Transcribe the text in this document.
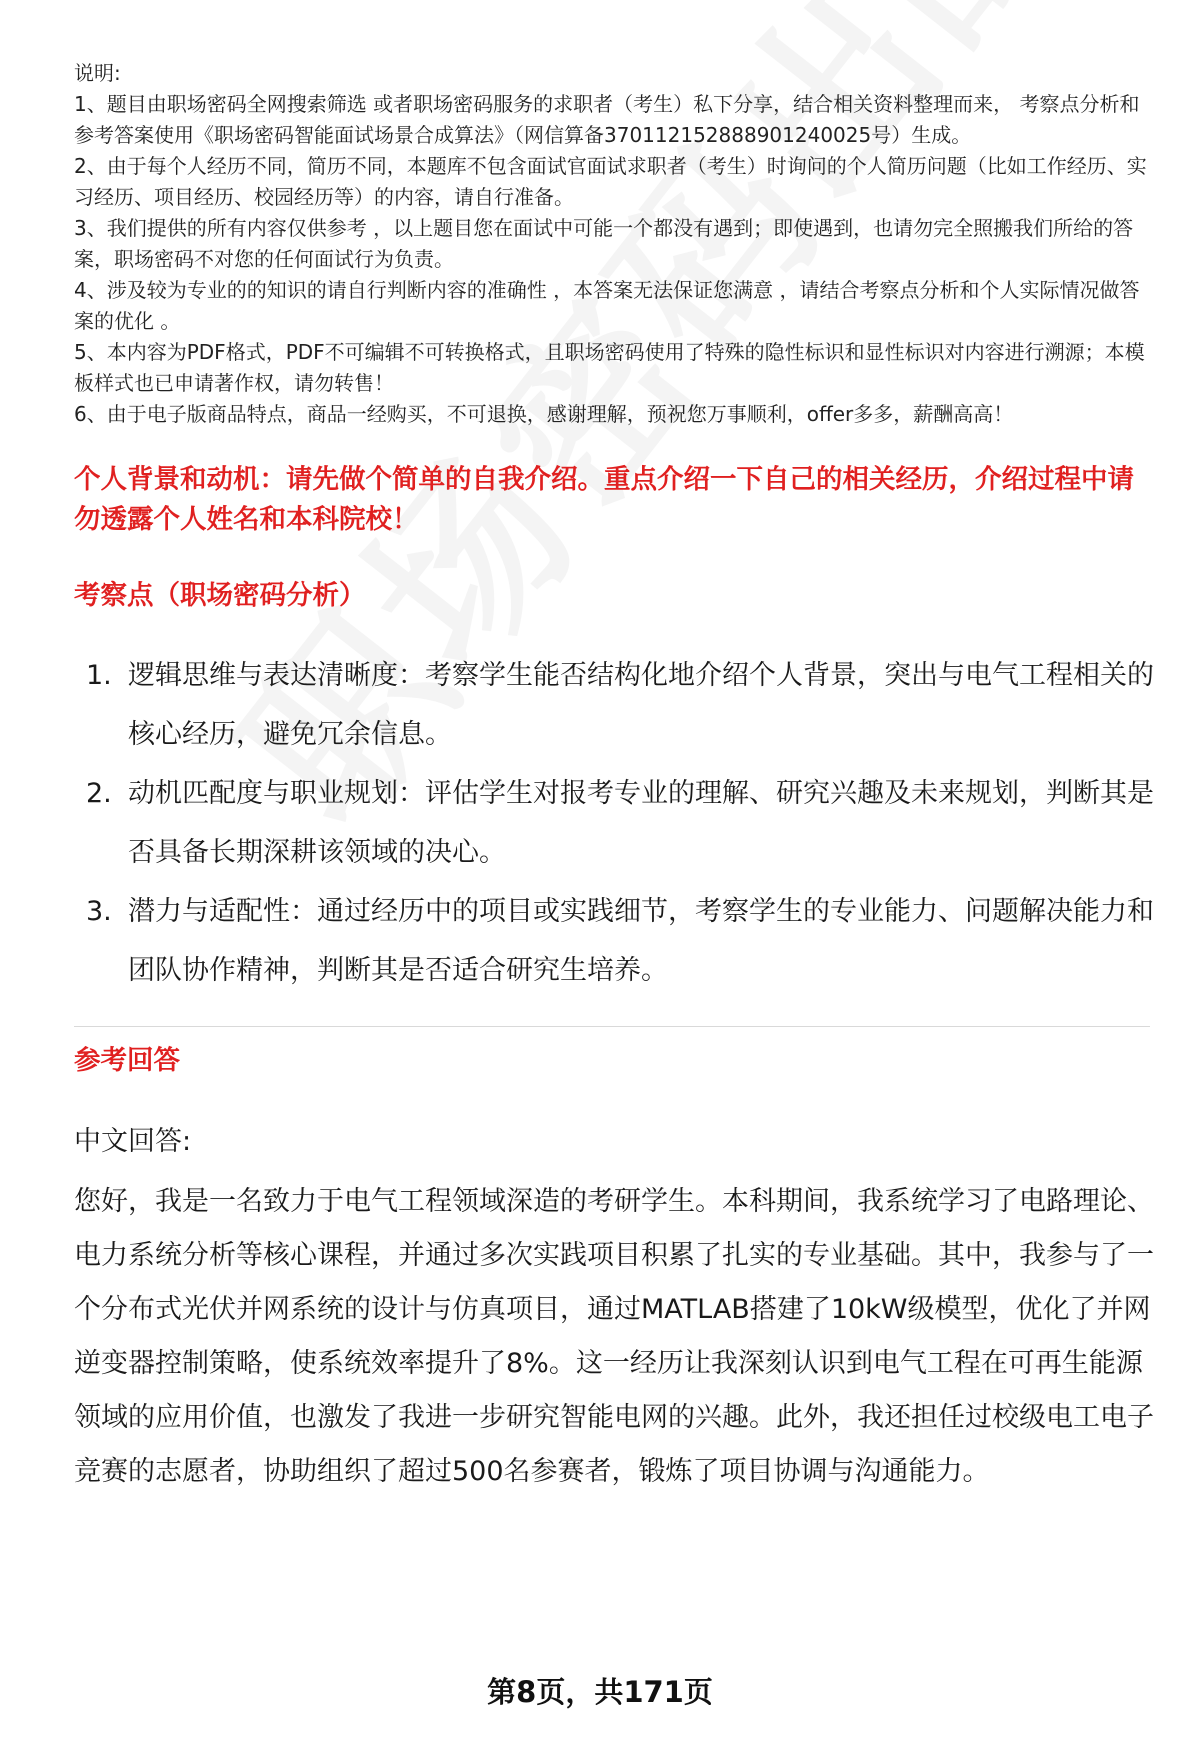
说明:

1、题目由职场密码全网搜索筛选 或者职场密码服务的求职者（考生）私下分享，结合相关资料整理而来， 考察点分析和参考答案使用《职场密码智能面试场景合成算法》（网信算备370112152888901240025号）生成。

2、由于每个人经历不同，简历不同，本题库不包含面试官面试求职者（考生）时询问的个人简历问题（比如工作经历、实习经历、项目经历、校园经历等）的内容，请自行准备。

3、我们提供的所有内容仅供参考 ，以上题目您在面试中可能一个都没有遇到；即使遇到，也请勿完全照搬我们所给的答案，职场密码不对您的任何面试行为负责。

4、涉及较为专业的的知识的请自行判断内容的准确性 ，本答案无法保证您满意 ，请结合考察点分析和个人实际情况做答案的优化 。

5、本内容为PDF格式，PDF不可编辑不可转换格式，且职场密码使用了特殊的隐性标识和显性标识对内容进行溯源；本模板样式也已申请著作权，请勿转售！

6、由于电子版商品特点，商品一经购买，不可退换，感谢理解，预祝您万事顺利，offer多多，薪酬高高！

个人背景和动机：请先做个简单的自我介绍。重点介绍一下自己的相关经历，介绍过程中请勿透露个人姓名和本科院校！

考察点（职场密码分析）

1. 逻辑思维与表达清晰度：考察学生能否结构化地介绍个人背景，突出与电气工程相关的核心经历，避免冗余信息。
2. 动机匹配度与职业规划：评估学生对报考专业的理解、研究兴趣及未来规划，判断其是否具备长期深耕该领域的决心。
3. 潜力与适配性：通过经历中的项目或实践细节，考察学生的专业能力、问题解决能力和团队协作精神，判断其是否适合研究生培养。

参考回答

中文回答:

您好，我是一名致力于电气工程领域深造的考研学生。本科期间，我系统学习了电路理论、电力系统分析等核心课程，并通过多次实践项目积累了扎实的专业基础。其中，我参与了一个分布式光伏并网系统的设计与仿真项目，通过MATLAB搭建了10kW级模型，优化了并网逆变器控制策略，使系统效率提升了8%。这一经历让我深刻认识到电气工程在可再生能源领域的应用价值，也激发了我进一步研究智能电网的兴趣。此外，我还担任过校级电工电子竞赛的志愿者，协助组织了超过500名参赛者，锻炼了项目协调与沟通能力。

第8页，共171页
